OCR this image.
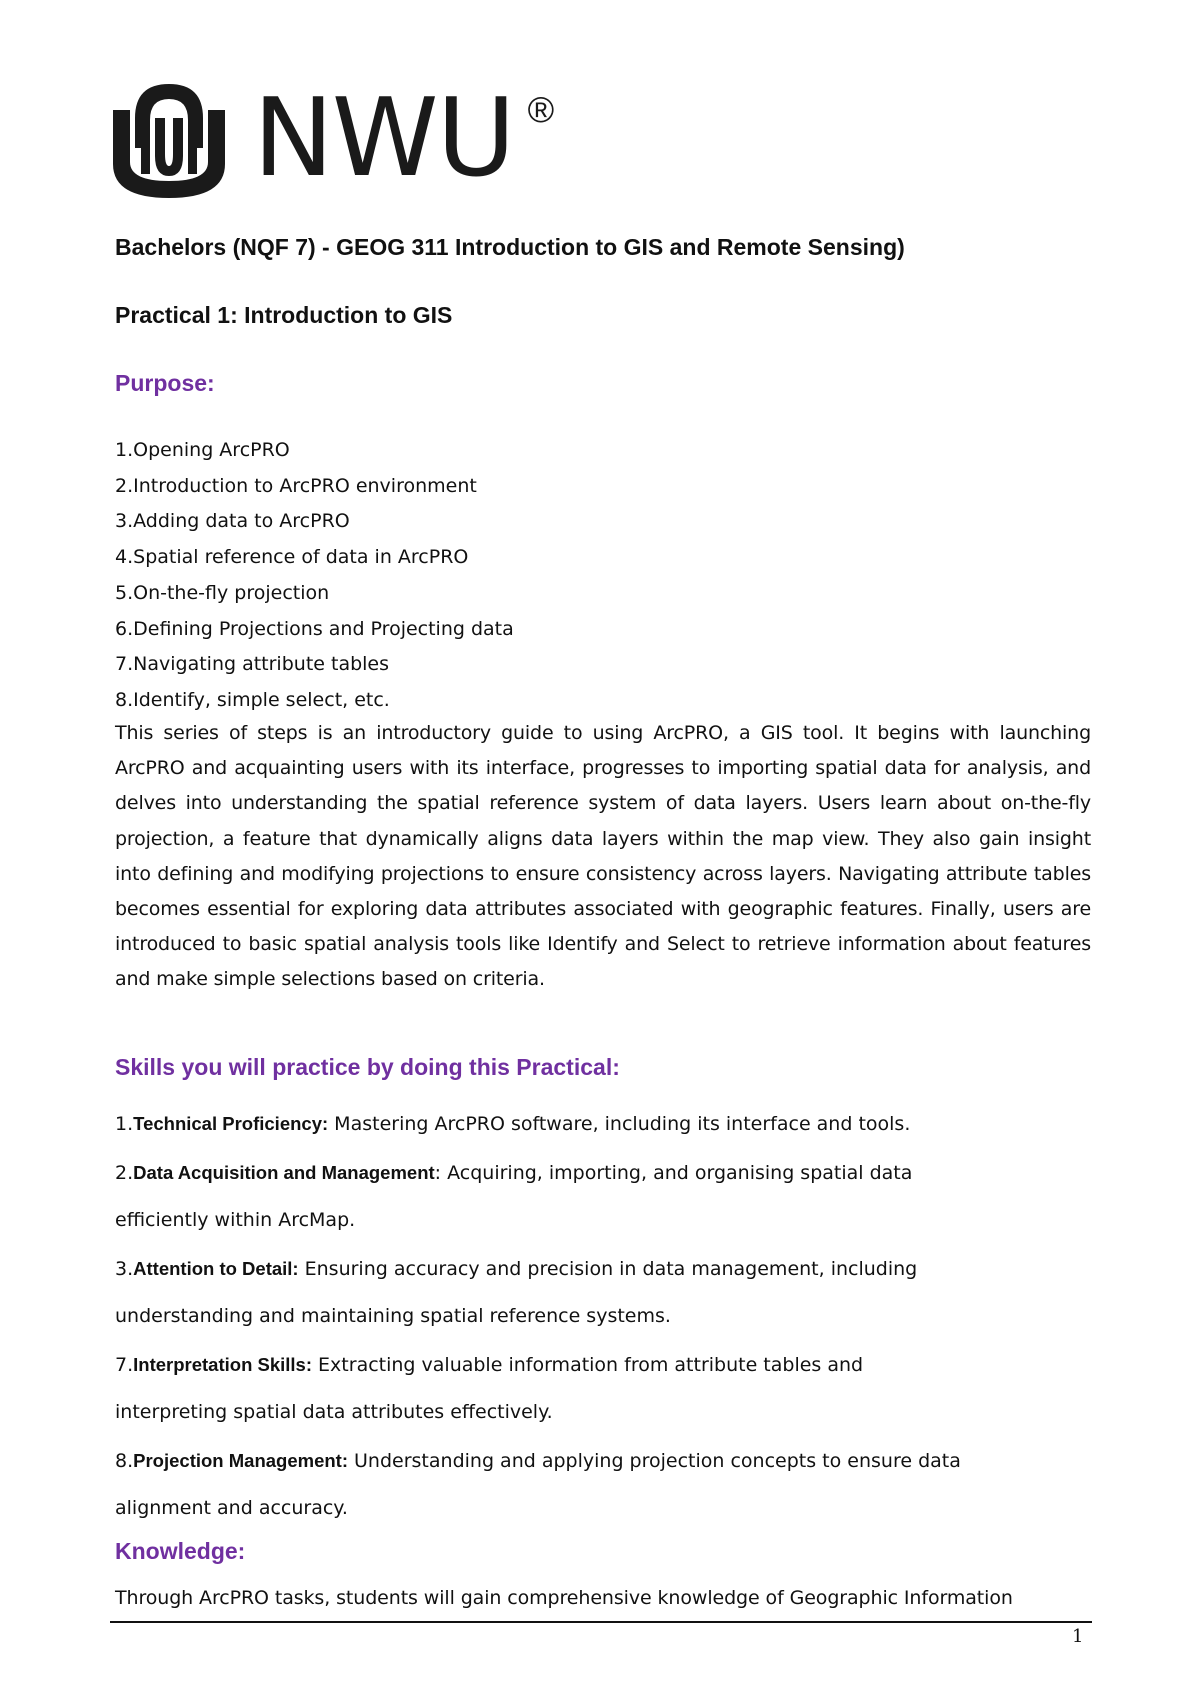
NWU ®
Bachelors (NQF 7) - GEOG 311 Introduction to GIS and Remote Sensing)
Practical 1: Introduction to GIS
Purpose:
1.Opening ArcPRO
2.Introduction to ArcPRO environment
3.Adding data to ArcPRO
4.Spatial reference of data in ArcPRO
5.On-the-fly projection
6.Defining Projections and Projecting data
7.Navigating attribute tables
8.Identify, simple select, etc.

This series of steps is an introductory guide to using ArcPRO, a GIS tool. It begins with launching ArcPRO and acquainting users with its interface, progresses to importing spatial data for analysis, and delves into understanding the spatial reference system of data layers. Users learn about on-the-fly projection, a feature that dynamically aligns data layers within the map view. They also gain insight into defining and modifying projections to ensure consistency across layers. Navigating attribute tables becomes essential for exploring data attributes associated with geographic features. Finally, users are introduced to basic spatial analysis tools like Identify and Select to retrieve information about features and make simple selections based on criteria.

Skills you will practice by doing this Practical:
1.Technical Proficiency: Mastering ArcPRO software, including its interface and tools.
2.Data Acquisition and Management: Acquiring, importing, and organising spatial data
efficiently within ArcMap.
3.Attention to Detail: Ensuring accuracy and precision in data management, including
understanding and maintaining spatial reference systems.
7.Interpretation Skills: Extracting valuable information from attribute tables and
interpreting spatial data attributes effectively.
8.Projection Management: Understanding and applying projection concepts to ensure data
alignment and accuracy.
Knowledge:
Through ArcPRO tasks, students will gain comprehensive knowledge of Geographic Information
1
